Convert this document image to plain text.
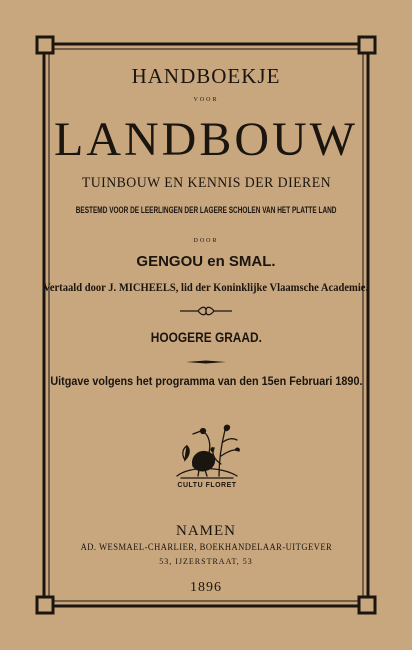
HANDBOEKJE
VOOR
LANDBOUW
TUINBOUW EN KENNIS DER DIEREN
BESTEMD VOOR DE LEERLINGEN DER LAGERE SCHOLEN VAN HET PLATTE LAND
DOOR
GENGOU en SMAL.
Vertaald door J. MICHEELS, lid der Koninklijke Vlaamsche Academie.
HOOGERE GRAAD.
Uitgave volgens het programma van den 15en Februari 1890.
CULTU FLORET
NAMEN
AD. WESMAEL-CHARLIER, BOEKHANDELAAR-UITGEVER
53, IJZERSTRAAT, 53
1896
